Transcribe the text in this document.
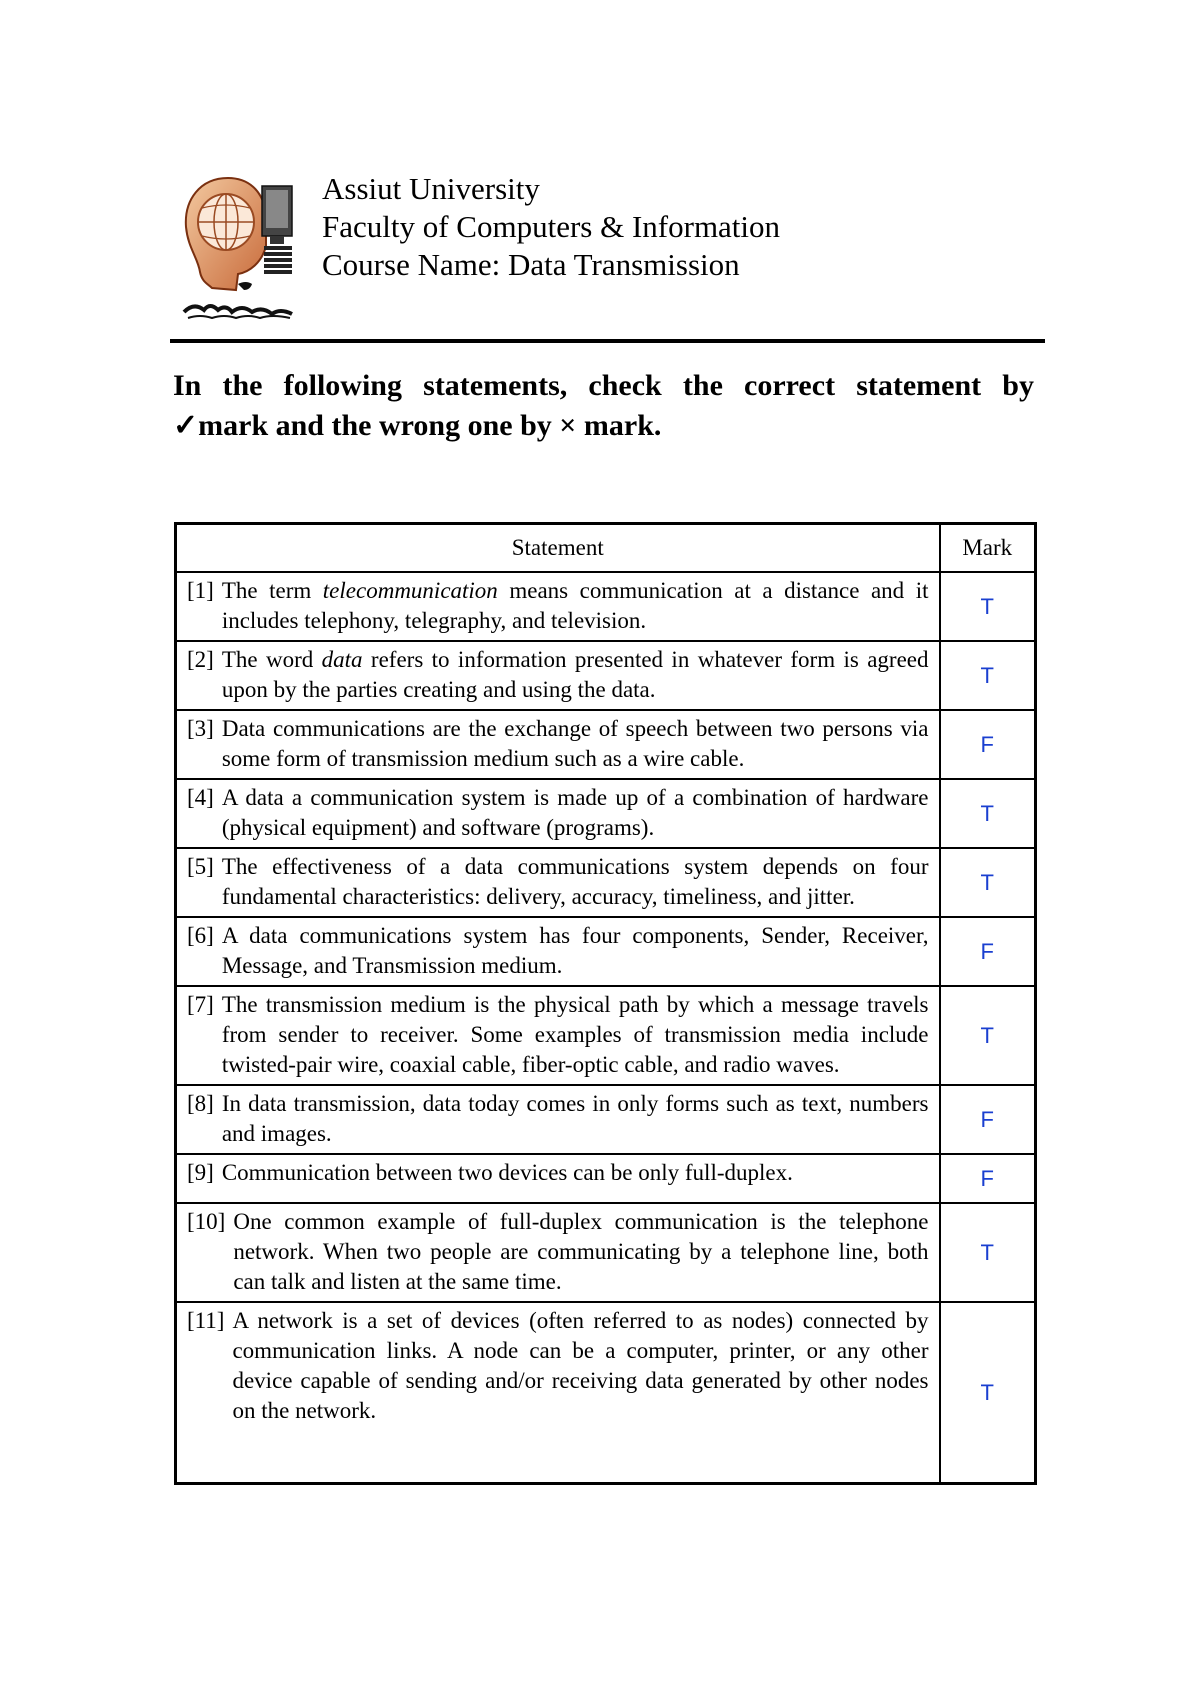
Assiut University
Faculty of Computers & Information
Course Name: Data Transmission
In the following statements, check the correct statement by
✓mark and the wrong one by × mark.
Statement	Mark

[1] The term telecommunication means communication at a distance and it includes telephony, telegraphy, and television.	T

[2] The word data refers to information presented in whatever form is agreed upon by the parties creating and using the data.	T

[3] Data communications are the exchange of speech between two persons via some form of transmission medium such as a wire cable.	F

[4] A data a communication system is made up of a combination of hardware (physical equipment) and software (programs).	T

[5] The effectiveness of a data communications system depends on four fundamental characteristics: delivery, accuracy, timeliness, and jitter.	T

[6] A data communications system has four components, Sender, Receiver, Message, and Transmission medium.	F

[7] The transmission medium is the physical path by which a message travels from sender to receiver. Some examples of transmission media include twisted-pair wire, coaxial cable, fiber-optic cable, and radio waves.	T

[8] In data transmission, data today comes in only forms such as text, numbers and images.	F

[9] Communication between two devices can be only full-duplex.	F

[10] One common example of full-duplex communication is the telephone network. When two people are communicating by a telephone line, both can talk and listen at the same time.	T

[11] A network is a set of devices (often referred to as nodes) connected by communication links. A node can be a computer, printer, or any other device capable of sending and/or receiving data generated by other nodes on the network.	T
